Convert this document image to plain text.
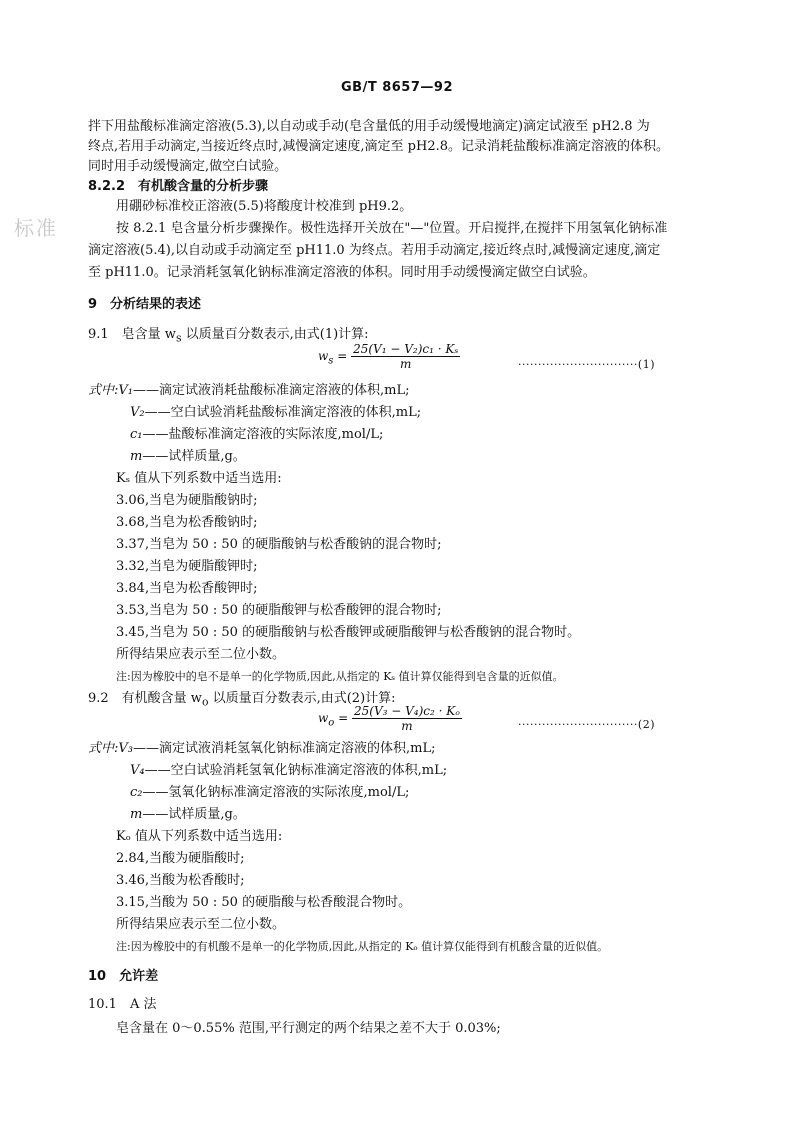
GB/T 8657—92
标准
拌下用盐酸标准滴定溶液(5.3),以自动或手动(皂含量低的用手动缓慢地滴定)滴定试液至 pH2.8 为
终点,若用手动滴定,当接近终点时,减慢滴定速度,滴定至 pH2.8。记录消耗盐酸标准滴定溶液的体积。
同时用手动缓慢滴定,做空白试验。
8.2.2　有机酸含量的分析步骤
用硼砂标准校正溶液(5.5)将酸度计校准到 pH9.2。
按 8.2.1 皂含量分析步骤操作。极性选择开关放在"—"位置。开启搅拌,在搅拌下用氢氧化钠标准
滴定溶液(5.4),以自动或手动滴定至 pH11.0 为终点。若用手动滴定,接近终点时,减慢滴定速度,滴定
至 pH11.0。记录消耗氢氧化钠标准滴定溶液的体积。同时用手动缓慢滴定做空白试验。
9　分析结果的表述
9.1　皂含量 $w_s$ 以质量百分数表示,由式(1)计算:
$w_s = \frac{\text{25(V₁ − V₂)c₁ · Kₛ}}{m}$	······························(1)
式中:V₁——滴定试液消耗盐酸标准滴定溶液的体积,mL;
V₂——空白试验消耗盐酸标准滴定溶液的体积,mL;
c₁——盐酸标准滴定溶液的实际浓度,mol/L;
m——试样质量,g。
Kₛ 值从下列系数中适当选用:
3.06,当皂为硬脂酸钠时;
3.68,当皂为松香酸钠时;
3.37,当皂为 50 : 50 的硬脂酸钠与松香酸钠的混合物时;
3.32,当皂为硬脂酸钾时;
3.84,当皂为松香酸钾时;
3.53,当皂为 50 : 50 的硬脂酸钾与松香酸钾的混合物时;
3.45,当皂为 50 : 50 的硬脂酸钠与松香酸钾或硬脂酸钾与松香酸钠的混合物时。
所得结果应表示至二位小数。
注:因为橡胶中的皂不是单一的化学物质,因此,从指定的 Kₛ 值计算仅能得到皂含量的近似值。
9.2　有机酸含量 $w_o$ 以质量百分数表示,由式(2)计算:
$w_o = \frac{\text{25(V₃ − V₄)c₂ · Kₒ}}{m}$	······························(2)
式中:V₃——滴定试液消耗氢氧化钠标准滴定溶液的体积,mL;
V₄——空白试验消耗氢氧化钠标准滴定溶液的体积,mL;
c₂——氢氧化钠标准滴定溶液的实际浓度,mol/L;
m——试样质量,g。
Kₒ 值从下列系数中适当选用:
2.84,当酸为硬脂酸时;
3.46,当酸为松香酸时;
3.15,当酸为 50 : 50 的硬脂酸与松香酸混合物时。
所得结果应表示至二位小数。
注:因为橡胶中的有机酸不是单一的化学物质,因此,从指定的 Kₒ 值计算仅能得到有机酸含量的近似值。
10　允许差
10.1　A 法
皂含量在 0～0.55% 范围,平行测定的两个结果之差不大于 0.03%;
